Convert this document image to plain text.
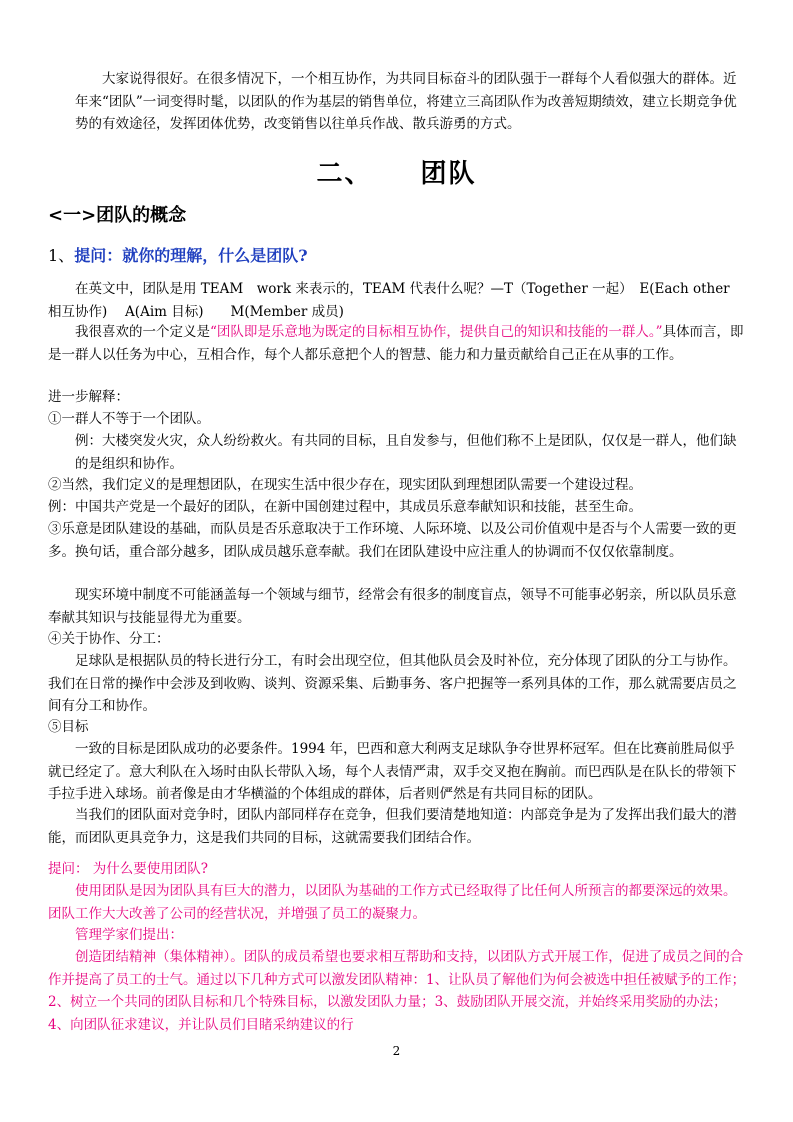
大家说得很好。在很多情况下，一个相互协作，为共同目标奋斗的团队强于一群每个人看似强大的群体。近年来“团队”一词变得时髦，以团队的作为基层的销售单位，将建立三高团队作为改善短期绩效，建立长期竞争优势的有效途径，发挥团体优势，改变销售以往单兵作战、散兵游勇的方式。

二、 团队
<一>团队的概念
1、提问：就你的理解，什么是团队?

在英文中，团队是用 TEAM　work 来表示的，TEAM 代表什么呢？—T（Together 一起）　E(Each other 相互协作)　 A(Aim 目标)　　M(Member 成员)

我很喜欢的一个定义是“团队即是乐意地为既定的目标相互协作，提供自己的知识和技能的一群人。”具体而言，即是一群人以任务为中心，互相合作，每个人都乐意把个人的智慧、能力和力量贡献给自己正在从事的工作。

进一步解释：

①一群人不等于一个团队。

例：大楼突发火灾，众人纷纷救火。有共同的目标，且自发参与，但他们称不上是团队，仅仅是一群人，他们缺的是组织和协作。

②当然，我们定义的是理想团队，在现实生活中很少存在，现实团队到理想团队需要一个建设过程。

例：中国共产党是一个最好的团队，在新中国创建过程中，其成员乐意奉献知识和技能，甚至生命。

③乐意是团队建设的基础，而队员是否乐意取决于工作环境、人际环境、以及公司价值观中是否与个人需要一致的更多。换句话，重合部分越多，团队成员越乐意奉献。我们在团队建设中应注重人的协调而不仅仅依靠制度。

现实环境中制度不可能涵盖每一个领域与细节，经常会有很多的制度盲点，领导不可能事必躬亲，所以队员乐意奉献其知识与技能显得尤为重要。

④关于协作、分工：

足球队是根据队员的特长进行分工，有时会出现空位，但其他队员会及时补位，充分体现了团队的分工与协作。我们在日常的操作中会涉及到收购、谈判、资源采集、后勤事务、客户把握等一系列具体的工作，那么就需要店员之间有分工和协作。

⑤目标

一致的目标是团队成功的必要条件。1994 年，巴西和意大利两支足球队争夺世界杯冠军。但在比赛前胜局似乎就已经定了。意大利队在入场时由队长带队入场，每个人表情严肃，双手交叉抱在胸前。而巴西队是在队长的带领下手拉手进入球场。前者像是由才华横溢的个体组成的群体，后者则俨然是有共同目标的团队。

当我们的团队面对竞争时，团队内部同样存在竞争，但我们要清楚地知道：内部竞争是为了发挥出我们最大的潜能，而团队更具竞争力，这是我们共同的目标，这就需要我们团结合作。

提问： 为什么要使用团队?

使用团队是因为团队具有巨大的潜力，以团队为基础的工作方式已经取得了比任何人所预言的都要深远的效果。团队工作大大改善了公司的经营状况，并增强了员工的凝聚力。

管理学家们提出：

创造团结精神（集体精神）。团队的成员希望也要求相互帮助和支持，以团队方式开展工作，促进了成员之间的合作并提高了员工的士气。通过以下几种方式可以激发团队精神：1、让队员了解他们为何会被选中担任被赋予的工作；2、树立一个共同的团队目标和几个特殊目标，以激发团队力量；3、鼓励团队开展交流，并始终采用奖励的办法；4、向团队征求建议，并让队员们目睹采纳建议的行

2
